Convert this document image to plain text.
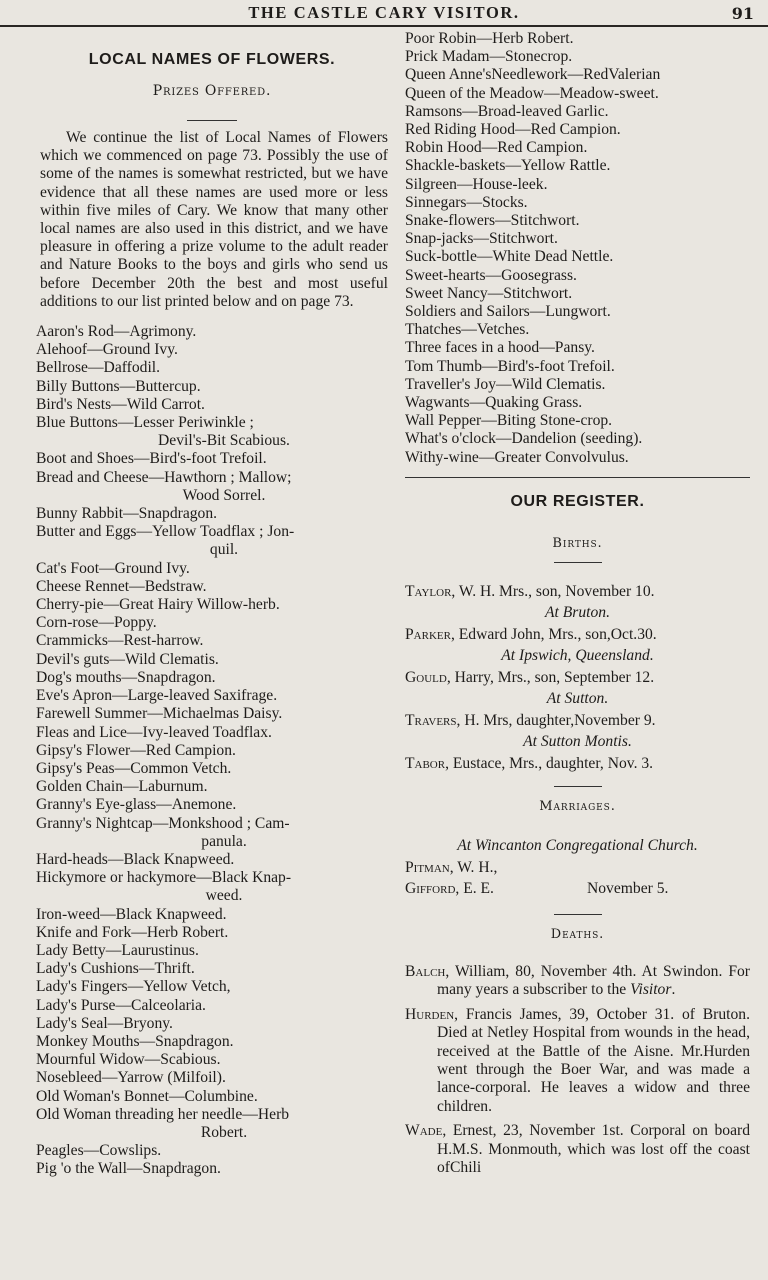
THE CASTLE CARY VISITOR.	91
LOCAL NAMES OF FLOWERS.
Prizes Offered.

We continue the list of Local Names of Flowers which we commenced on page 73. Possibly the use of some of the names is somewhat restricted, but we have evidence that all these names are used more or less within five miles of Cary. We know that many other local names are also used in this district, and we have pleasure in offering a prize volume to the adult reader and Nature Books to the boys and girls who send us before December 20th the best and most useful additions to our list printed below and on page 73.

Aaron's Rod—Agrimony.

Alehoof—Ground Ivy.

Bellrose—Daffodil.

Billy Buttons—Buttercup.

Bird's Nests—Wild Carrot.

Blue Buttons—Lesser Periwinkle ;

Devil's-Bit Scabious.

Boot and Shoes—Bird's-foot Trefoil.

Bread and Cheese—Hawthorn ; Mallow;

Wood Sorrel.

Bunny Rabbit—Snapdragon.

Butter and Eggs—Yellow Toadflax ; Jon-

quil.

Cat's Foot—Ground Ivy.

Cheese Rennet—Bedstraw.

Cherry-pie—Great Hairy Willow-herb.

Corn-rose—Poppy.

Crammicks—Rest-harrow.

Devil's guts—Wild Clematis.

Dog's mouths—Snapdragon.

Eve's Apron—Large-leaved Saxifrage.

Farewell Summer—Michaelmas Daisy.

Fleas and Lice—Ivy-leaved Toadflax.

Gipsy's Flower—Red Campion.

Gipsy's Peas—Common Vetch.

Golden Chain—Laburnum.

Granny's Eye-glass—Anemone.

Granny's Nightcap—Monkshood ; Cam-

panula.

Hard-heads—Black Knapweed.

Hickymore or hackymore—Black Knap-

weed.

Iron-weed—Black Knapweed.

Knife and Fork—Herb Robert.

Lady Betty—Laurustinus.

Lady's Cushions—Thrift.

Lady's Fingers—Yellow Vetch,

Lady's Purse—Calceolaria.

Lady's Seal—Bryony.

Monkey Mouths—Snapdragon.

Mournful Widow—Scabious.

Nosebleed—Yarrow (Milfoil).

Old Woman's Bonnet—Columbine.

Old Woman threading her needle—Herb

Robert.

Peagles—Cowslips.

Pig 'o the Wall—Snapdragon.

Poor Robin—Herb Robert.

Prick Madam—Stonecrop.

Queen Anne'sNeedlework—RedValerian

Queen of the Meadow—Meadow-sweet.

Ramsons—Broad-leaved Garlic.

Red Riding Hood—Red Campion.

Robin Hood—Red Campion.

Shackle-baskets—Yellow Rattle.

Silgreen—House-leek.

Sinnegars—Stocks.

Snake-flowers—Stitchwort.

Snap-jacks—Stitchwort.

Suck-bottle—White Dead Nettle.

Sweet-hearts—Goosegrass.

Sweet Nancy—Stitchwort.

Soldiers and Sailors—Lungwort.

Thatches—Vetches.

Three faces in a hood—Pansy.

Tom Thumb—Bird's-foot Trefoil.

Traveller's Joy—Wild Clematis.

Wagwants—Quaking Grass.

Wall Pepper—Biting Stone-crop.

What's o'clock—Dandelion (seeding).

Withy-wine—Greater Convolvulus.

OUR REGISTER.
Births.

Taylor, W. H. Mrs., son, November 10.

At Bruton.

Parker, Edward John, Mrs., son,Oct.30.

At Ipswich, Queensland.

Gould, Harry, Mrs., son, September 12.

At Sutton.

Travers, H. Mrs, daughter,November 9.

At Sutton Montis.

Tabor, Eustace, Mrs., daughter, Nov. 3.

Marriages.

At Wincanton Congregational Church.

Pitman, W. H.,

Gifford, E. E.	November 5.

Deaths.

Balch, William, 80, November 4th. At Swindon. For many years a subscriber to the Visitor.

Hurden, Francis James, 39, October 31. of Bruton. Died at Netley Hospital from wounds in the head, received at the Battle of the Aisne. Mr.Hurden went through the Boer War, and was made a lance-corporal. He leaves a widow and three children.

Wade, Ernest, 23, November 1st. Corporal on board H.M.S. Monmouth, which was lost off the coast ofChili
